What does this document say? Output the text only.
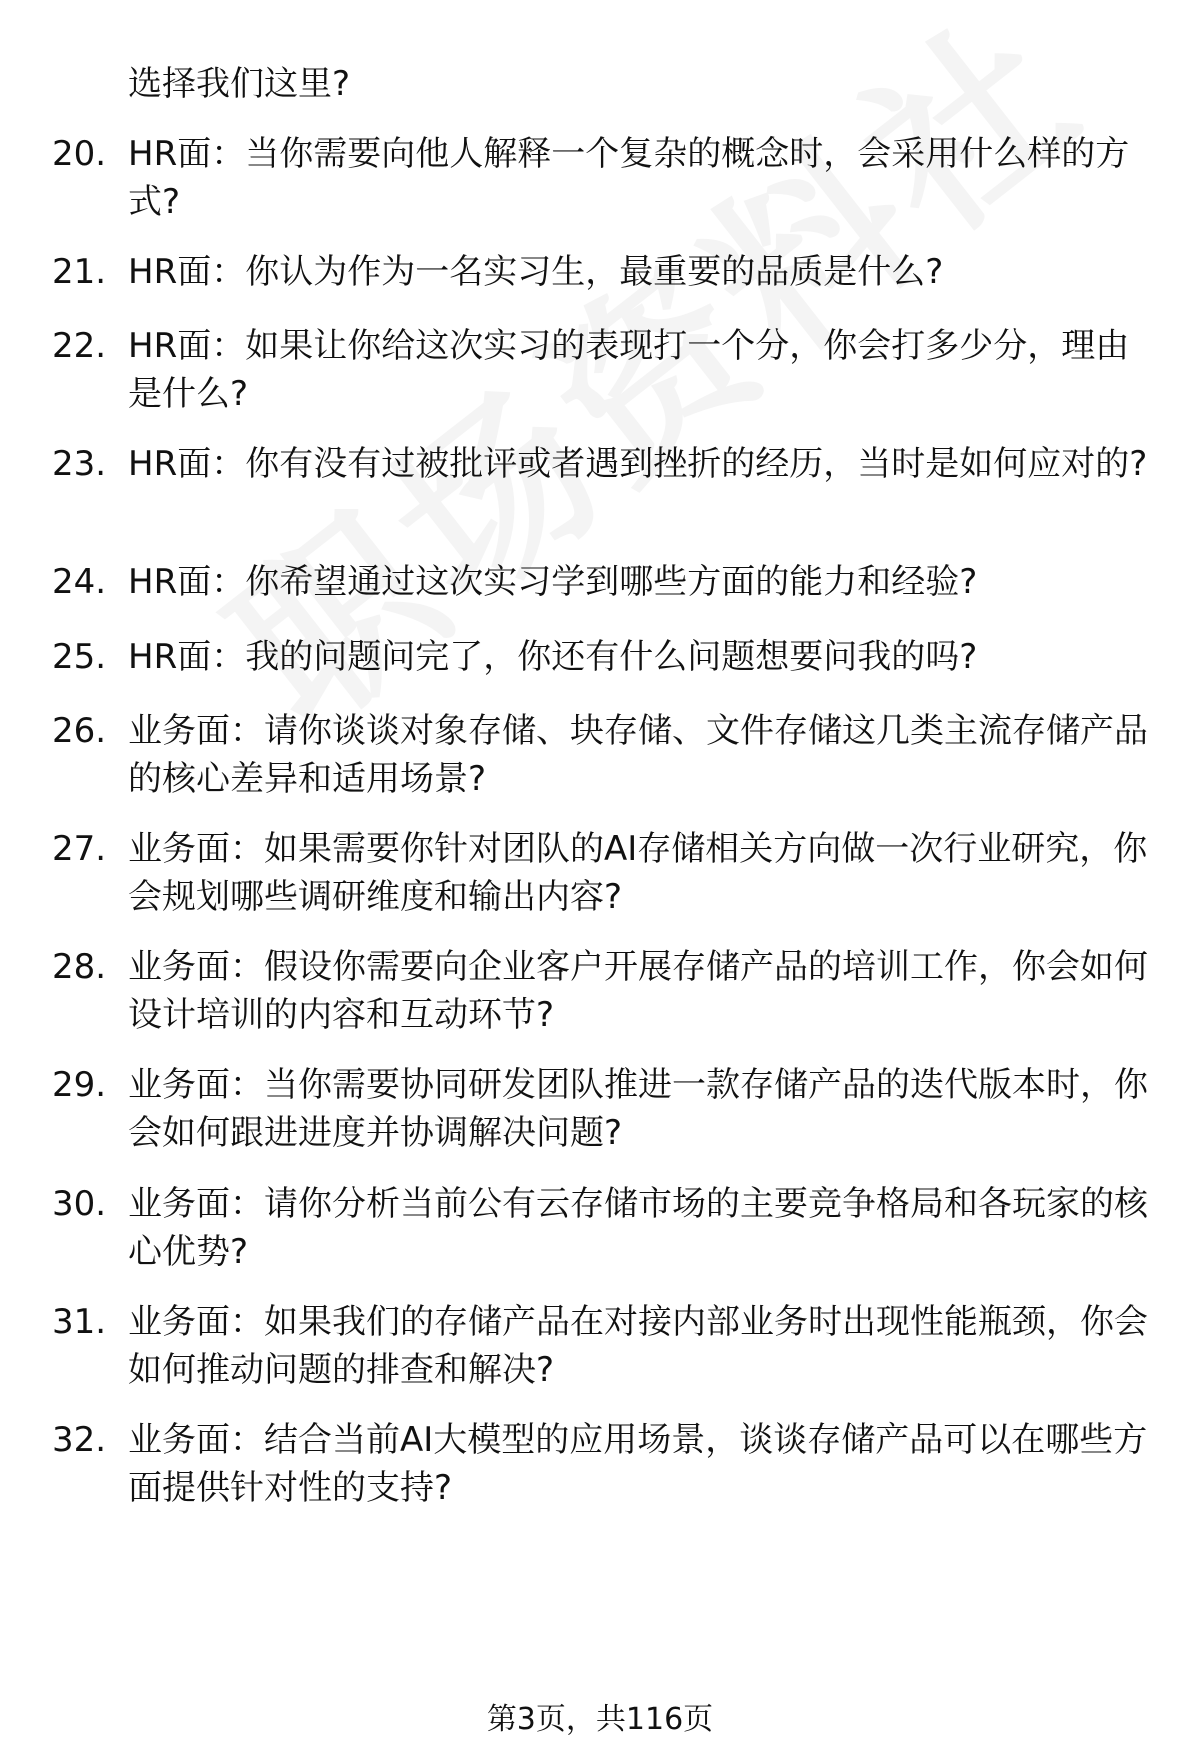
选择我们这里?
20. HR面：当你需要向他人解释一个复杂的概念时，会采用什么样的方式?
21. HR面：你认为作为一名实习生，最重要的品质是什么?
22. HR面：如果让你给这次实习的表现打一个分，你会打多少分，理由是什么?
23. HR面：你有没有过被批评或者遇到挫折的经历，当时是如何应对的?
24. HR面：你希望通过这次实习学到哪些方面的能力和经验?
25. HR面：我的问题问完了，你还有什么问题想要问我的吗?
26. 业务面：请你谈谈对象存储、块存储、文件存储这几类主流存储产品的核心差异和适用场景?
27. 业务面：如果需要你针对团队的AI存储相关方向做一次行业研究，你会规划哪些调研维度和输出内容?
28. 业务面：假设你需要向企业客户开展存储产品的培训工作，你会如何设计培训的内容和互动环节?
29. 业务面：当你需要协同研发团队推进一款存储产品的迭代版本时，你会如何跟进进度并协调解决问题?
30. 业务面：请你分析当前公有云存储市场的主要竞争格局和各玩家的核心优势?
31. 业务面：如果我们的存储产品在对接内部业务时出现性能瓶颈，你会如何推动问题的排查和解决?
32. 业务面：结合当前AI大模型的应用场景，谈谈存储产品可以在哪些方面提供针对性的支持?
第3页，共116页
